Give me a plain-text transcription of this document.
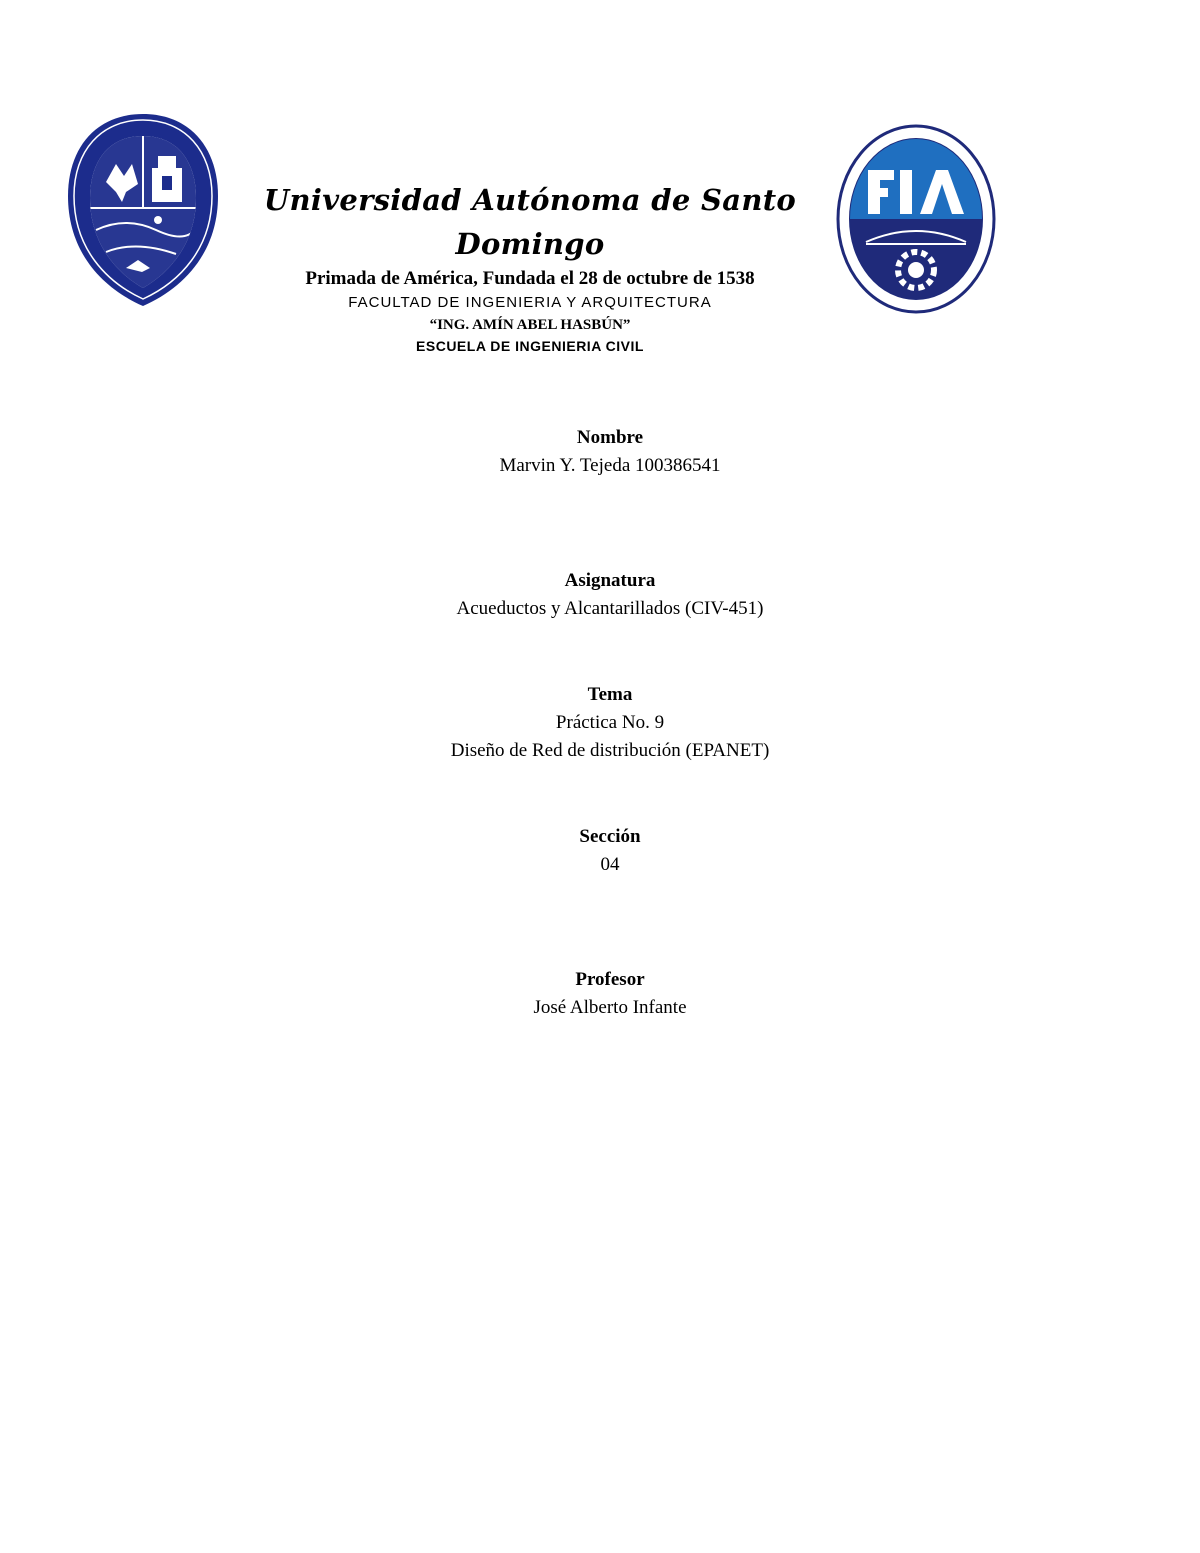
Universidad Autónoma de Santo Domingo

Primada de América, Fundada el 28 de octubre de 1538

FACULTAD DE INGENIERIA Y ARQUITECTURA

“ING. AMÍN ABEL HASBÚN”

ESCUELA DE INGENIERIA CIVIL

Nombre

Marvin Y. Tejeda 100386541

Asignatura

Acueductos y Alcantarillados (CIV-451)

Tema

Práctica No. 9

Diseño de Red de distribución (EPANET)

Sección

04

Profesor

José Alberto Infante
